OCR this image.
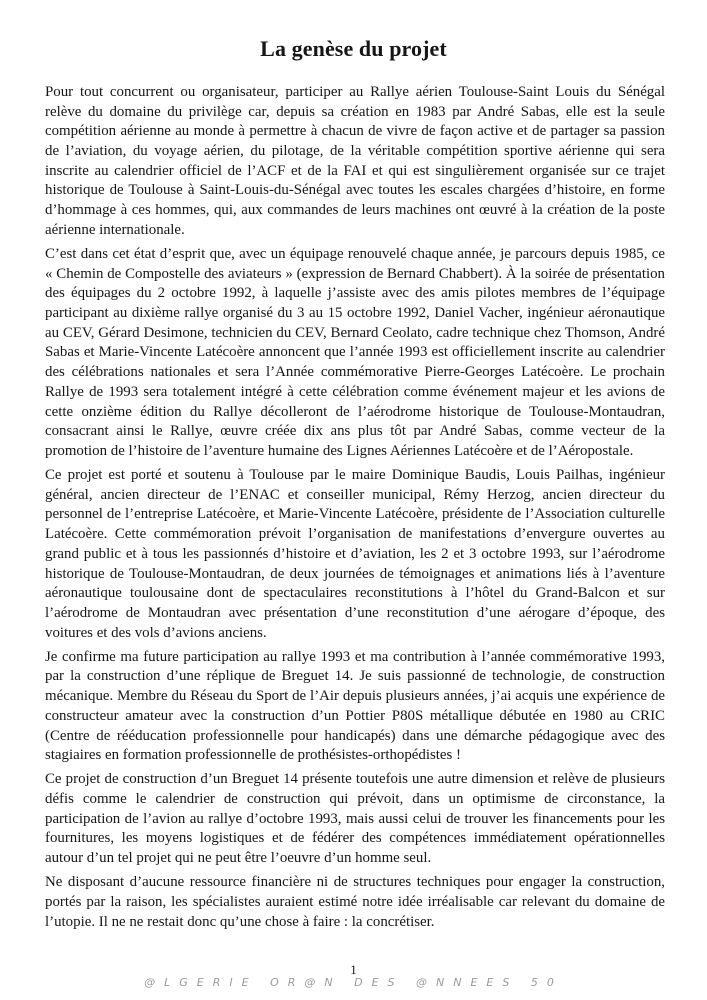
La genèse du projet

Pour tout concurrent ou organisateur, participer au Rallye aérien Toulouse-Saint Louis du Sénégal relève du domaine du privilège car, depuis sa création en 1983 par André Sabas, elle est la seule compétition aérienne au monde à permettre à chacun de vivre de façon active et de partager sa passion de l’aviation, du voyage aérien, du pilotage, de la véritable compétition sportive aérienne qui sera inscrite au calendrier officiel de l’ACF et de la FAI et qui est singulièrement organisée sur ce trajet historique de Toulouse à Saint-Louis-du-Sénégal avec toutes les escales chargées d’histoire, en forme d’hommage à ces hommes, qui, aux commandes de leurs machines ont œuvré à la création de la poste aérienne internationale.

C’est dans cet état d’esprit que, avec un équipage renouvelé chaque année, je parcours depuis 1985, ce « Chemin de Compostelle des aviateurs » (expression de Bernard Chabbert). À la soirée de présentation des équipages du 2 octobre 1992, à laquelle j’assiste avec des amis pilotes membres de l’équipage participant au dixième rallye organisé du 3 au 15 octobre 1992, Daniel Vacher, ingénieur aéronautique au CEV, Gérard Desimone, technicien du CEV, Bernard Ceolato, cadre technique chez Thomson, André Sabas et Marie-Vincente Latécoère annoncent que l’année 1993 est officiellement inscrite au calendrier des célébrations nationales et sera l’Année commémorative Pierre-Georges Latécoère. Le prochain Rallye de 1993 sera totalement intégré à cette célébration comme événement majeur et les avions de cette onzième édition du Rallye décolleront de l’aérodrome historique de Toulouse-Montaudran, consacrant ainsi le Rallye, œuvre créée dix ans plus tôt par André Sabas, comme vecteur de la promotion de l’histoire de l’aventure humaine des Lignes Aériennes Latécoère et de l’Aéropostale.

Ce projet est porté et soutenu à Toulouse par le maire Dominique Baudis, Louis Pailhas, ingénieur général, ancien directeur de l’ENAC et conseiller municipal, Rémy Herzog, ancien directeur du personnel de l’entreprise Latécoère, et Marie-Vincente Latécoère, présidente de l’Association culturelle Latécoère. Cette commémoration prévoit l’organisation de manifestations d’envergure ouvertes au grand public et à tous les passionnés d’histoire et d’aviation, les 2 et 3 octobre 1993, sur l’aérodrome historique de Toulouse-Montaudran, de deux journées de témoignages et animations liés à l’aventure aéronautique toulousaine dont de spectaculaires reconstitutions à l’hôtel du Grand-Balcon et sur l’aérodrome de Montaudran avec présentation d’une reconstitution d’une aérogare d’époque, des voitures et des vols d’avions anciens.

Je confirme ma future participation au rallye 1993 et ma contribution à l’année commémorative 1993, par la construction d’une réplique de Breguet 14. Je suis passionné de technologie, de construction mécanique. Membre du Réseau du Sport de l’Air depuis plusieurs années, j’ai acquis une expérience de constructeur amateur avec la construction d’un Pottier P80S métallique débutée en 1980 au CRIC (Centre de rééducation professionnelle pour handicapés) dans une démarche pédagogique avec des stagiaires en formation professionnelle de prothésistes-orthopédistes !

Ce projet de construction d’un Breguet 14 présente toutefois une autre dimension et relève de plusieurs défis comme le calendrier de construction qui prévoit, dans un optimisme de circonstance, la participation de l’avion au rallye d’octobre 1993, mais aussi celui de trouver les financements pour les fournitures, les moyens logistiques et de fédérer des compétences immédiatement opérationnelles autour d’un tel projet qui ne peut être l’oeuvre d’un homme seul.

Ne disposant d’aucune ressource financière ni de structures techniques pour engager la construction, portés par la raison, les spécialistes auraient estimé notre idée irréalisable car relevant du domaine de l’utopie. Il ne ne restait donc qu’une chose à faire : la concrétiser.

1
@LGERIE OR@N DES @NNEES 50
